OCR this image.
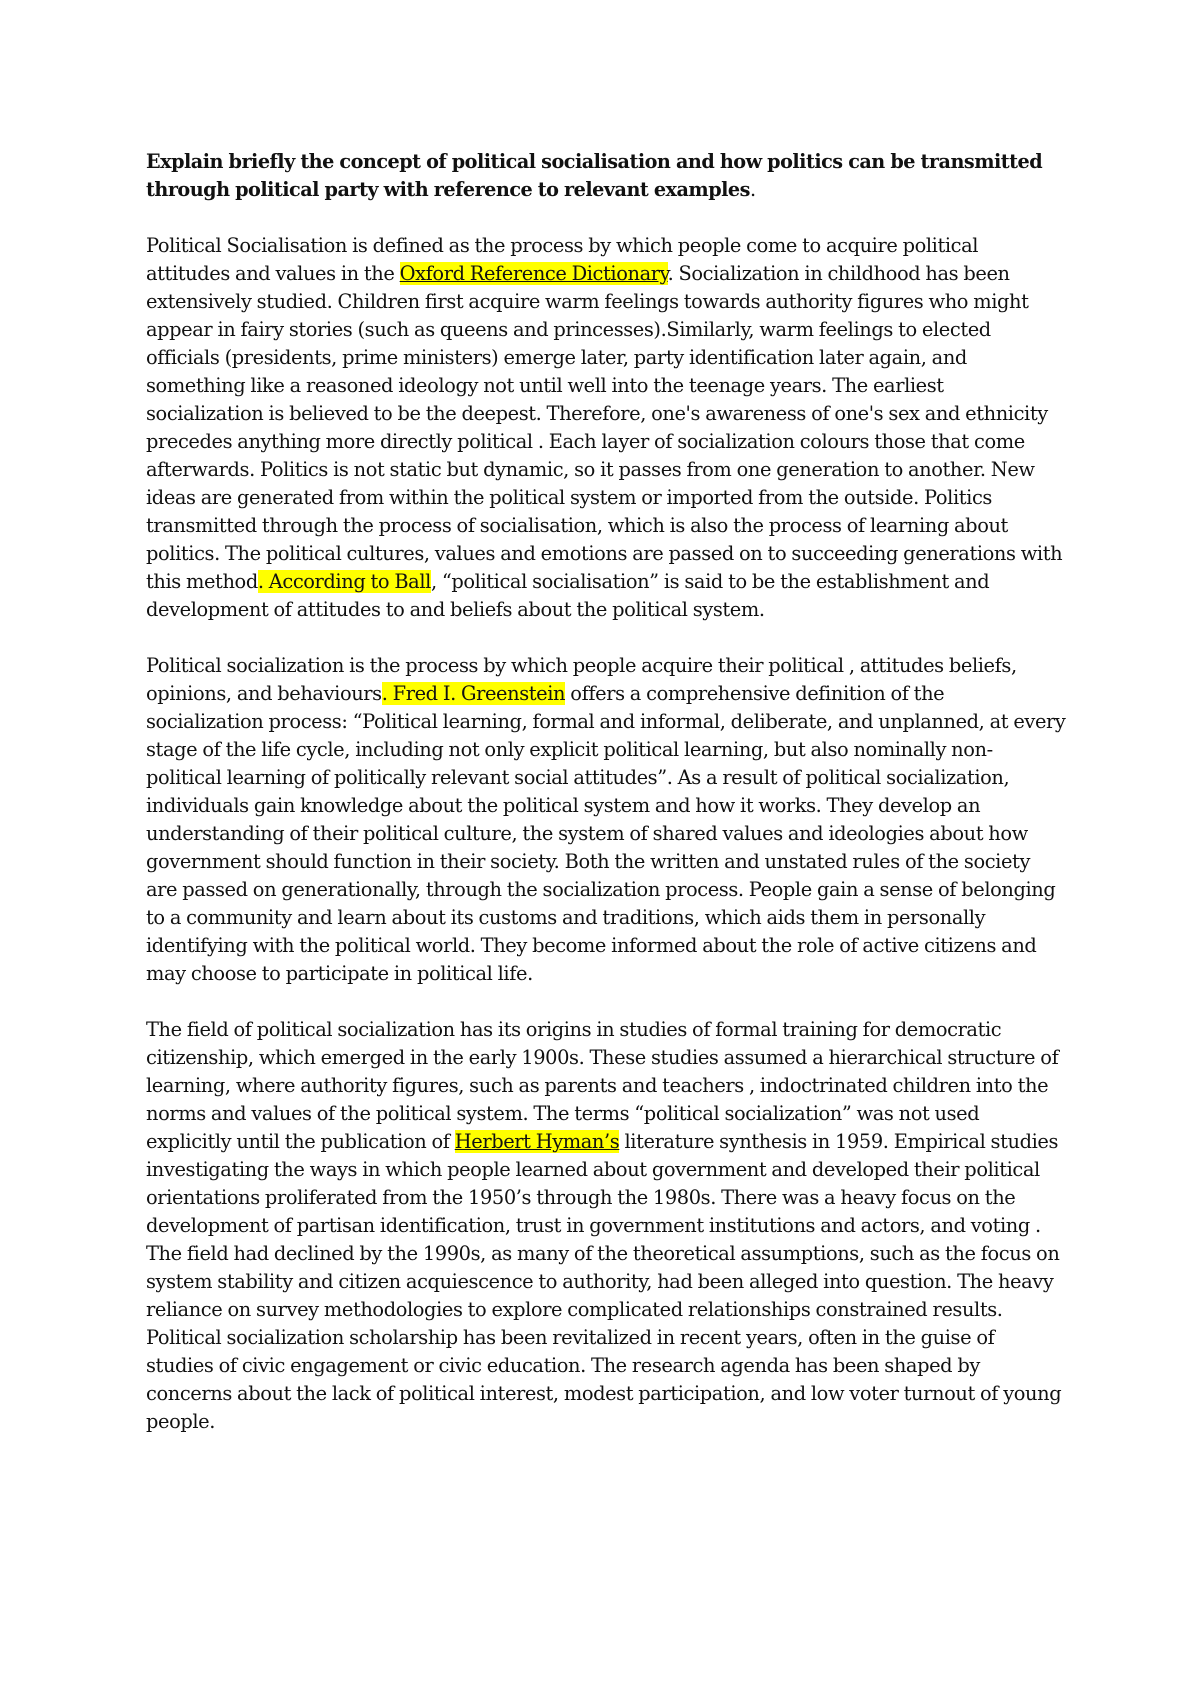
Explain briefly the concept of political socialisation and how politics can be transmitted through political party with reference to relevant examples.

Political Socialisation is defined as the process by which people come to acquire political attitudes and values in the Oxford Reference Dictionary. Socialization in childhood has been extensively studied. Children first acquire warm feelings towards authority figures who might appear in fairy stories (such as queens and princesses).Similarly, warm feelings to elected officials (presidents, prime ministers) emerge later, party identification later again, and something like a reasoned ideology not until well into the teenage years. The earliest socialization is believed to be the deepest. Therefore, one's awareness of one's sex and ethnicity precedes anything more directly political . Each layer of socialization colours those that come afterwards. Politics is not static but dynamic, so it passes from one generation to another. New ideas are generated from within the political system or imported from the outside. Politics transmitted through the process of socialisation, which is also the process of learning about politics. The political cultures, values and emotions are passed on to succeeding generations with this method. According to Ball, “political socialisation” is said to be the establishment and development of attitudes to and beliefs about the political system.

Political socialization is the process by which people acquire their political , attitudes beliefs, opinions, and behaviours. Fred I. Greenstein offers a comprehensive definition of the socialization process: “Political learning, formal and informal, deliberate, and unplanned, at every stage of the life cycle, including not only explicit political learning, but also nominally non-political learning of politically relevant social attitudes”. As a result of political socialization, individuals gain knowledge about the political system and how it works. They develop an understanding of their political culture, the system of shared values and ideologies about how government should function in their society. Both the written and unstated rules of the society are passed on generationally, through the socialization process. People gain a sense of belonging to a community and learn about its customs and traditions, which aids them in personally identifying with the political world. They become informed about the role of active citizens and may choose to participate in political life.

The field of political socialization has its origins in studies of formal training for democratic citizenship, which emerged in the early 1900s. These studies assumed a hierarchical structure of learning, where authority figures, such as parents and teachers , indoctrinated children into the norms and values of the political system. The terms “political socialization” was not used explicitly until the publication of Herbert Hyman’s literature synthesis in 1959. Empirical studies investigating the ways in which people learned about government and developed their political orientations proliferated from the 1950’s through the 1980s. There was a heavy focus on the development of partisan identification, trust in government institutions and actors, and voting . The field had declined by the 1990s, as many of the theoretical assumptions, such as the focus on system stability and citizen acquiescence to authority, had been alleged into question. The heavy reliance on survey methodologies to explore complicated relationships constrained results. Political socialization scholarship has been revitalized in recent years, often in the guise of studies of civic engagement or civic education. The research agenda has been shaped by concerns about the lack of political interest, modest participation, and low voter turnout of young people.
